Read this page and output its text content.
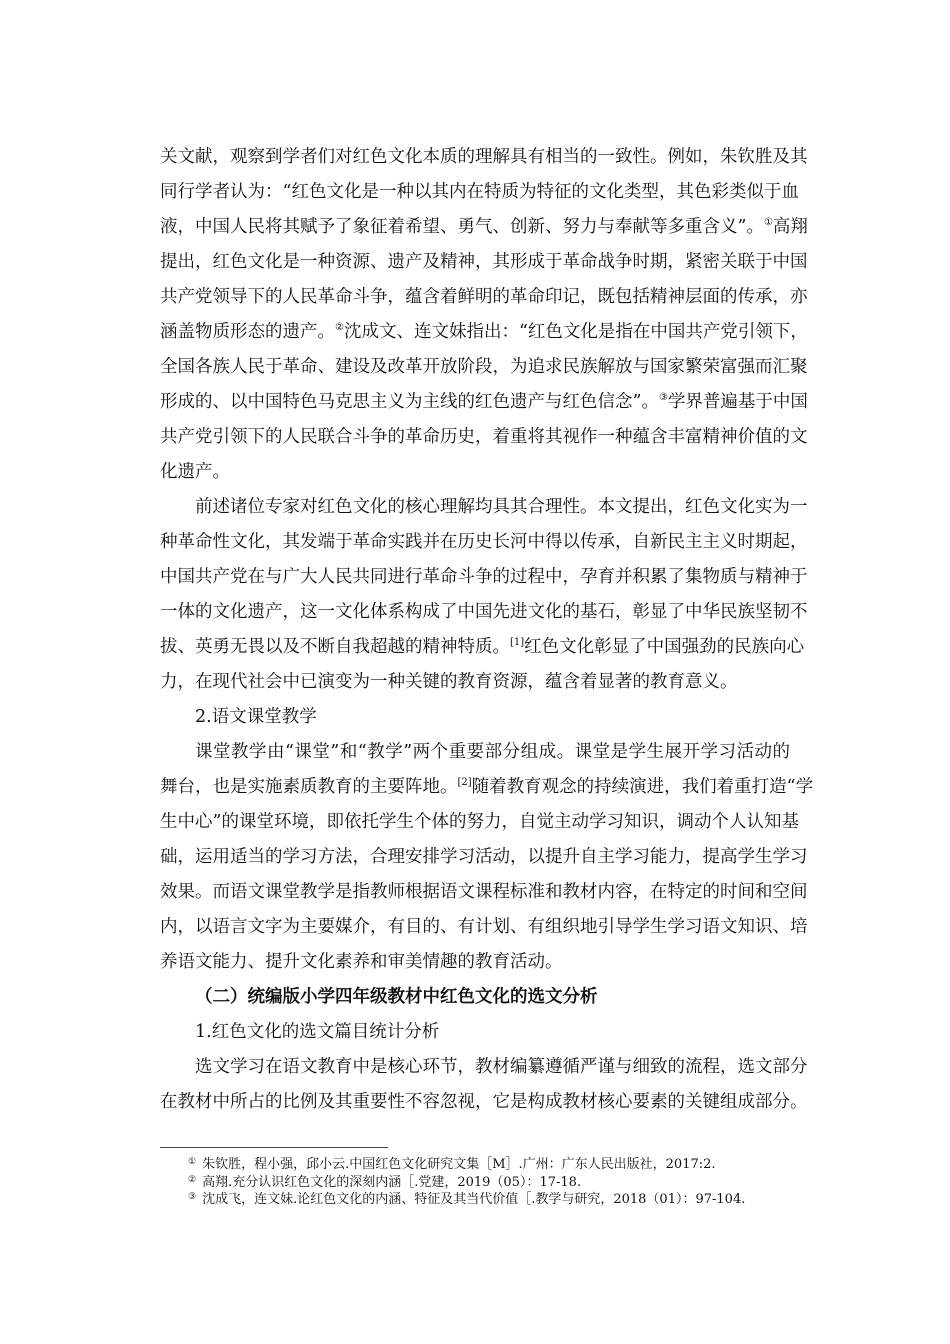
关文献，观察到学者们对红色文化本质的理解具有相当的一致性。例如，朱钦胜及其
同行学者认为：“红色文化是一种以其内在特质为特征的文化类型，其色彩类似于血
液，中国人民将其赋予了象征着希望、勇气、创新、努力与奉献等多重含义”。①高翔
提出，红色文化是一种资源、遗产及精神，其形成于革命战争时期，紧密关联于中国
共产党领导下的人民革命斗争，蕴含着鲜明的革命印记，既包括精神层面的传承，亦
涵盖物质形态的遗产。②沈成文、连文妹指出：“红色文化是指在中国共产党引领下，
全国各族人民于革命、建设及改革开放阶段，为追求民族解放与国家繁荣富强而汇聚
形成的、以中国特色马克思主义为主线的红色遗产与红色信念”。③学界普遍基于中国
共产党引领下的人民联合斗争的革命历史，着重将其视作一种蕴含丰富精神价值的文
化遗产。
前述诸位专家对红色文化的核心理解均具其合理性。本文提出，红色文化实为一
种革命性文化，其发端于革命实践并在历史长河中得以传承，自新民主主义时期起，
中国共产党在与广大人民共同进行革命斗争的过程中，孕育并积累了集物质与精神于
一体的文化遗产，这一文化体系构成了中国先进文化的基石，彰显了中华民族坚韧不
拔、英勇无畏以及不断自我超越的精神特质。[1]红色文化彰显了中国强劲的民族向心
力，在现代社会中已演变为一种关键的教育资源，蕴含着显著的教育意义。
2.语文课堂教学
课堂教学由“课堂”和“教学”两个重要部分组成。课堂是学生展开学习活动的
舞台，也是实施素质教育的主要阵地。[2]随着教育观念的持续演进，我们着重打造“学
生中心”的课堂环境，即依托学生个体的努力，自觉主动学习知识，调动个人认知基
础，运用适当的学习方法，合理安排学习活动，以提升自主学习能力，提高学生学习
效果。而语文课堂教学是指教师根据语文课程标准和教材内容，在特定的时间和空间
内，以语言文字为主要媒介，有目的、有计划、有组织地引导学生学习语文知识、培
养语文能力、提升文化素养和审美情趣的教育活动。
（二）统编版小学四年级教材中红色文化的选文分析
1.红色文化的选文篇目统计分析
选文学习在语文教育中是核心环节，教材编纂遵循严谨与细致的流程，选文部分
在教材中所占的比例及其重要性不容忽视，它是构成教材核心要素的关键组成部分。
① 朱钦胜，程小强，邱小云.中国红色文化研究文集［M］.广州：广东人民出版社，2017:2.
② 高翔.充分认识红色文化的深刻内涵［.党建，2019（05）：17-18.
③ 沈成飞，连文妹.论红色文化的内涵、特征及其当代价值［.教学与研究，2018（01）：97-104.
